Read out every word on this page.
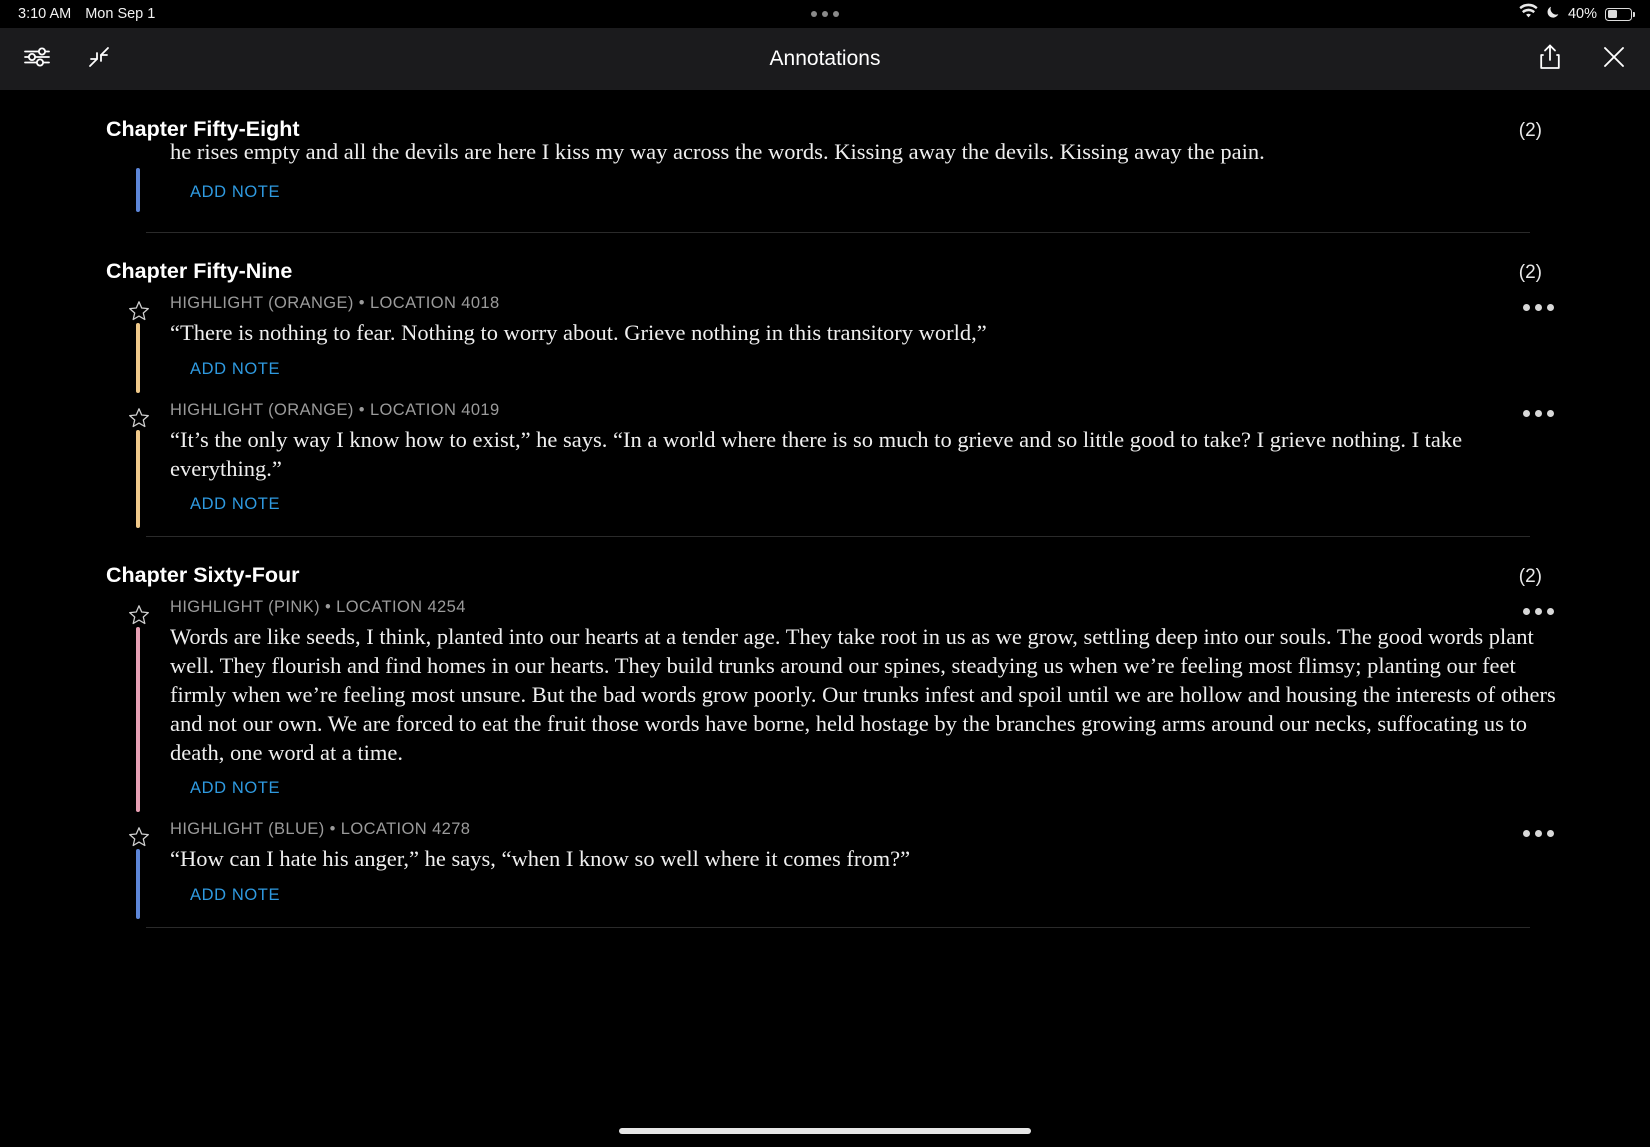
3:10 AM Mon Sep 1	40%
Annotations
Chapter Fifty-Eight	(2)
he rises empty and all the devils are here I kiss my way across the words. Kissing away the devils. Kissing away the pain.
ADD NOTE
Chapter Fifty-Nine	(2)
HIGHLIGHT (ORANGE) • LOCATION 4018
“There is nothing to fear. Nothing to worry about. Grieve nothing in this transitory world,”
ADD NOTE
HIGHLIGHT (ORANGE) • LOCATION 4019
“It’s the only way I know how to exist,” he says. “In a world where there is so much to grieve and so little good to take? I grieve nothing. I take everything.”
ADD NOTE
Chapter Sixty-Four	(2)
HIGHLIGHT (PINK) • LOCATION 4254
Words are like seeds, I think, planted into our hearts at a tender age. They take root in us as we grow, settling deep into our souls. The good words plant well. They flourish and find homes in our hearts. They build trunks around our spines, steadying us when we’re feeling most flimsy; planting our feet firmly when we’re feeling most unsure. But the bad words grow poorly. Our trunks infest and spoil until we are hollow and housing the interests of others and not our own. We are forced to eat the fruit those words have borne, held hostage by the branches growing arms around our necks, suffocating us to death, one word at a time.
ADD NOTE
HIGHLIGHT (BLUE) • LOCATION 4278
“How can I hate his anger,” he says, “when I know so well where it comes from?”
ADD NOTE
